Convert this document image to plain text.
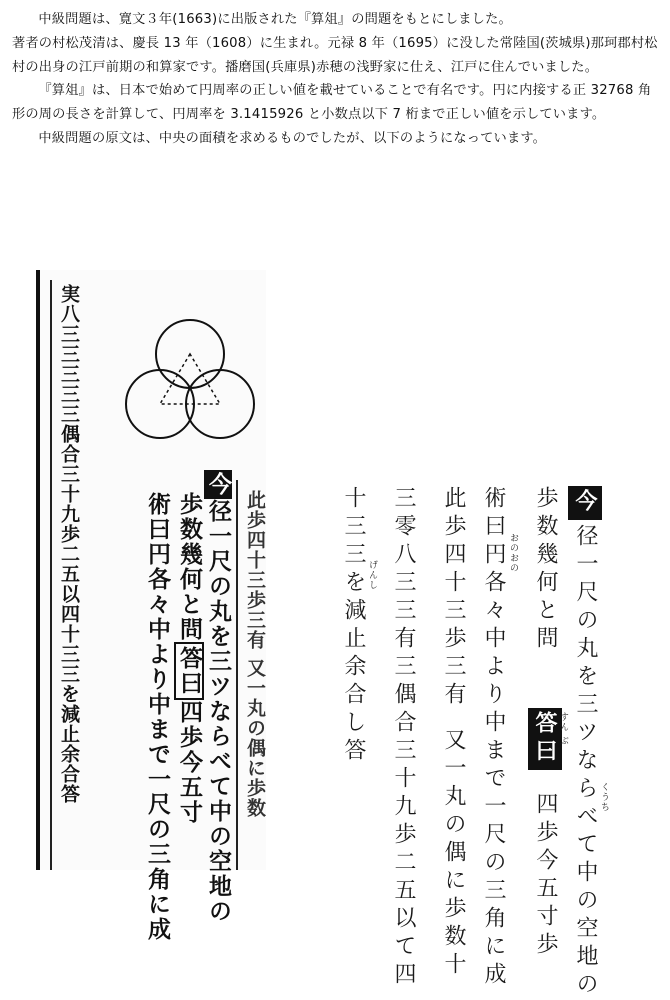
中級問題は、寛文３年(1663)に出版された『算俎』の問題をもとにしました。

著者の村松茂清は、慶長 13 年（1608）に生まれ。元禄 8 年（1695）に没した常陸国(茨城県)那珂郡村松村の出身の江戸前期の和算家です。播磨国(兵庫県)赤穂の浅野家に仕え、江戸に住んでいました。

『算俎』は、日本で始めて円周率の正しい値を載せていることで有名です。円に内接する正 32768 角形の周の長さを計算して、円周率を 3.1415926 と小数点以下 7 桁まで正しい値を示しています。

中級問題の原文は、中央の面積を求めるものでしたが、以下のようになっています。

実八三三三三三偶合三十九歩二五以四十三三を減止余合答	術曰円各々中より中まで一尺の三角に成 歩数幾何と問答曰四歩今五寸
今径一尺の丸を三ツならべて中の空地の 此歩四十三歩三有 又一丸の偶に歩数	今径一尺の丸を三ツならべて中の空地の くうち
歩数幾何と問答曰四歩今五寸歩
すん ぶ
術曰円各々中より中まで一尺の三角に成 おのおの
此歩四十三歩三有又一丸の偶に歩数十
三零八三三有三偶合三十九歩二五以て四
十三三を減止余合し答 げんし
